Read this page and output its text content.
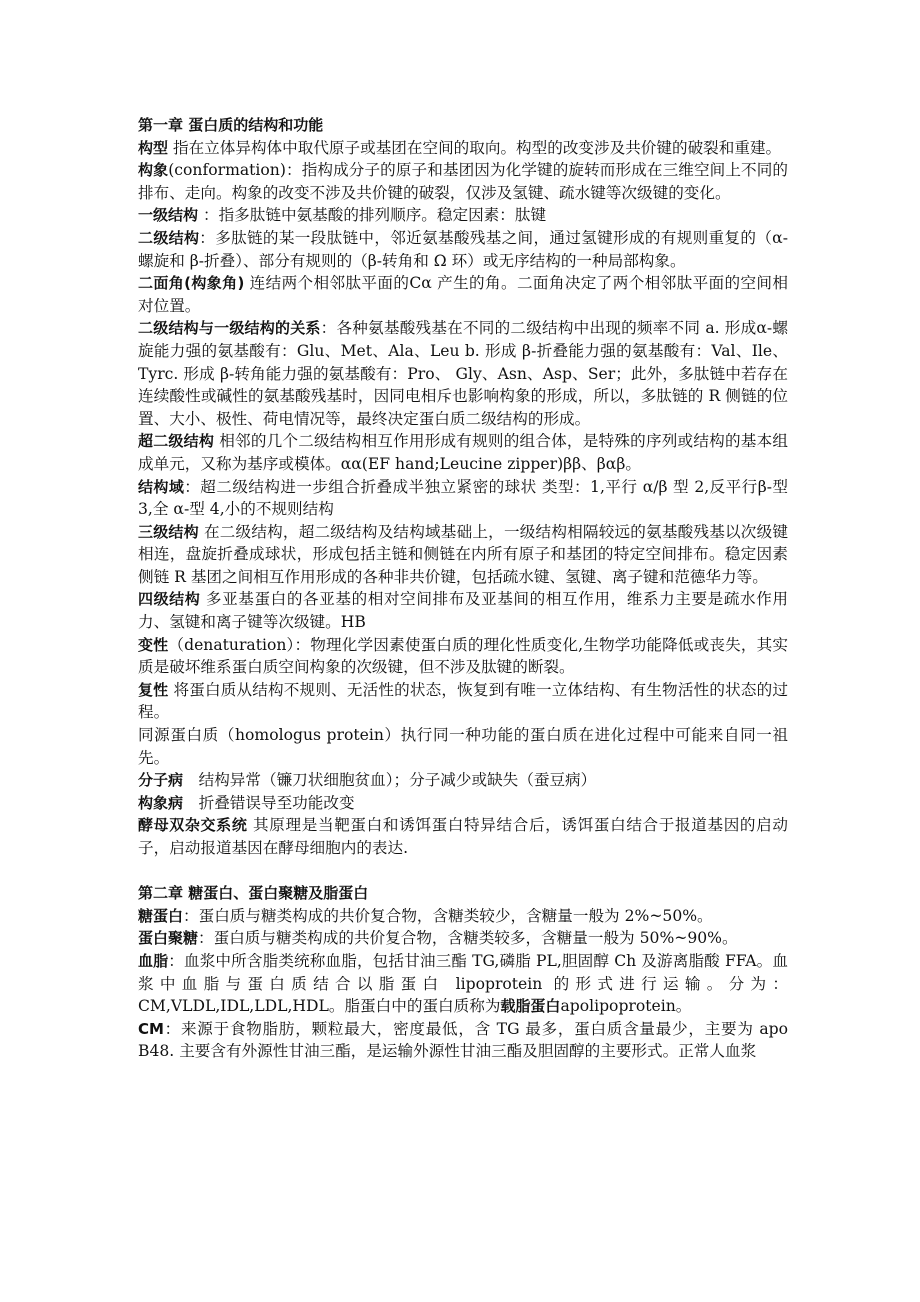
第一章 蛋白质的结构和功能

构型 指在立体异构体中取代原子或基团在空间的取向。构型的改变涉及共价键的破裂和重建。

构象(conformation)：指构成分子的原子和基团因为化学键的旋转而形成在三维空间上不同的排布、走向。构象的改变不涉及共价键的破裂，仅涉及氢键、疏水键等次级键的变化。

一级结构 ：指多肽链中氨基酸的排列顺序。稳定因素：肽键

二级结构：多肽链的某一段肽链中，邻近氨基酸残基之间，通过氢键形成的有规则重复的（α-螺旋和 β-折叠）、部分有规则的（β-转角和 Ω 环）或无序结构的一种局部构象。

二面角(构象角) 连结两个相邻肽平面的Cα 产生的角。二面角决定了两个相邻肽平面的空间相对位置。

二级结构与一级结构的关系：各种氨基酸残基在不同的二级结构中出现的频率不同 a. 形成α-螺旋能力强的氨基酸有：Glu、Met、Ala、Leu b. 形成 β-折叠能力强的氨基酸有：Val、Ile、Tyrc. 形成 β-转角能力强的氨基酸有：Pro、 Gly、Asn、Asp、Ser；此外，多肽链中若存在连续酸性或碱性的氨基酸残基时，因同电相斥也影响构象的形成，所以，多肽链的 R 侧链的位置、大小、极性、荷电情况等，最终决定蛋白质二级结构的形成。

超二级结构 相邻的几个二级结构相互作用形成有规则的组合体，是特殊的序列或结构的基本组成单元，又称为基序或模体。αα(EF hand;Leucine zipper)ββ、βαβ。

结构域：超二级结构进一步组合折叠成半独立紧密的球状 类型：1,平行 α/β 型 2,反平行β-型 3,全 α-型 4,小的不规则结构

三级结构 在二级结构，超二级结构及结构域基础上，一级结构相隔较远的氨基酸残基以次级键相连，盘旋折叠成球状，形成包括主链和侧链在内所有原子和基团的特定空间排布。稳定因素 侧链 R 基团之间相互作用形成的各种非共价键，包括疏水键、氢键、离子键和范德华力等。

四级结构 多亚基蛋白的各亚基的相对空间排布及亚基间的相互作用，维系力主要是疏水作用力、氢键和离子键等次级键。HB

变性（denaturation）：物理化学因素使蛋白质的理化性质变化,生物学功能降低或丧失，其实质是破坏维系蛋白质空间构象的次级键，但不涉及肽键的断裂。

复性 将蛋白质从结构不规则、无活性的状态，恢复到有唯一立体结构、有生物活性的状态的过程。

同源蛋白质（homologus protein）执行同一种功能的蛋白质在进化过程中可能来自同一祖先。

分子病　结构异常（镰刀状细胞贫血）；分子减少或缺失（蚕豆病）

构象病　折叠错误导至功能改变

酵母双杂交系统 其原理是当靶蛋白和诱饵蛋白特异结合后，诱饵蛋白结合于报道基因的启动子，启动报道基因在酵母细胞内的表达.

第二章 糖蛋白、蛋白聚糖及脂蛋白

糖蛋白：蛋白质与糖类构成的共价复合物，含糖类较少，含糖量一般为 2%~50%。

蛋白聚糖：蛋白质与糖类构成的共价复合物，含糖类较多，含糖量一般为 50%~90%。

血脂：血浆中所含脂类统称血脂，包括甘油三酯 TG,磷脂 PL,胆固醇 Ch 及游离脂酸 FFA。血浆中血脂与蛋白质结合以脂蛋白 lipoprotein 的形式进行运输。分为：CM,VLDL,IDL,LDL,HDL。脂蛋白中的蛋白质称为载脂蛋白apolipoprotein。

CM：来源于食物脂肪，颗粒最大，密度最低，含 TG 最多，蛋白质含量最少，主要为 apo B48. 主要含有外源性甘油三酯，是运输外源性甘油三酯及胆固醇的主要形式。正常人血浆
